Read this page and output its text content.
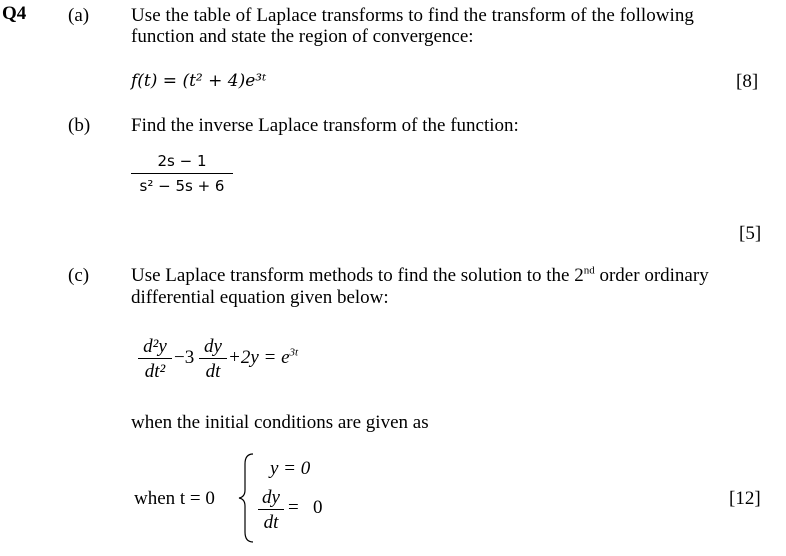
Q4 (a) Use the table of Laplace transforms to find the transform of the following
function and state the region of convergence:
f(t) = (t² + 4)e³ᵗ	[8]
(b) Find the inverse Laplace transform of the function:
2s − 1
s² − 5s + 6
[5]
(c) Use Laplace transform methods to find the solution to the 2nd order ordinary
differential equation given below:
d²y
dt²
−3
dy
dt
$+2y = e^{3t}$
when the initial conditions are given as
when t = 0
y = 0
dy
dt
=   0	[12]
